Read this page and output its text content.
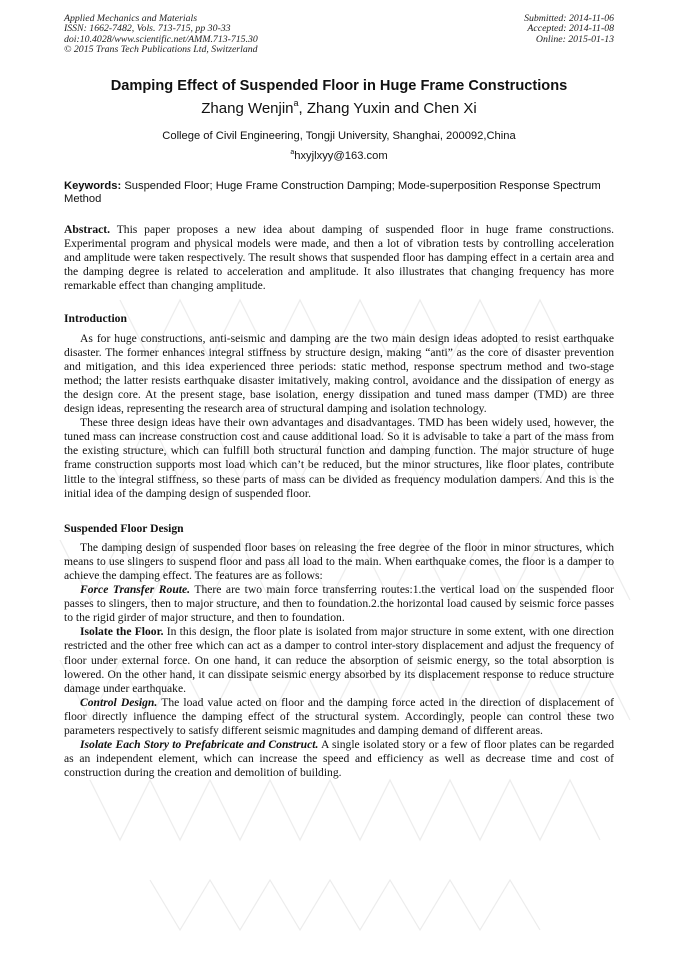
Applied Mechanics and Materials
ISSN: 1662-7482, Vols. 713-715, pp 30-33
doi:10.4028/www.scientific.net/AMM.713-715.30
© 2015 Trans Tech Publications Ltd, Switzerland
Submitted: 2014-11-06
Accepted: 2014-11-08
Online: 2015-01-13
Damping Effect of Suspended Floor in Huge Frame Constructions
Zhang Wenjin$^a$, Zhang Yuxin and Chen Xi
College of Civil Engineering, Tongji University, Shanghai, 200092,China
$^a$hxyjlxyy@163.com
Keywords: Suspended Floor; Huge Frame Construction Damping; Mode-superposition Response Spectrum Method

Abstract. This paper proposes a new idea about damping of suspended floor in huge frame constructions. Experimental program and physical models were made, and then a lot of vibration tests by controlling acceleration and amplitude were taken respectively. The result shows that suspended floor has damping effect in a certain area and the damping degree is related to acceleration and amplitude. It also illustrates that changing frequency has more remarkable effect than changing amplitude.

Introduction

As for huge constructions, anti-seismic and damping are the two main design ideas adopted to resist earthquake disaster. The former enhances integral stiffness by structure design, making “anti” as the core of disaster prevention and mitigation, and this idea experienced three periods: static method, response spectrum method and two-stage method; the latter resists earthquake disaster imitatively, making control, avoidance and the dissipation of energy as the design core. At the present stage, base isolation, energy dissipation and tuned mass damper (TMD) are three design ideas, representing the research area of structural damping and isolation technology.

These three design ideas have their own advantages and disadvantages. TMD has been widely used, however, the tuned mass can increase construction cost and cause additional load. So it is advisable to take a part of the mass from the existing structure, which can fulfill both structural function and damping function. The major structure of huge frame construction supports most load which can’t be reduced, but the minor structures, like floor plates, contribute little to the integral stiffness, so these parts of mass can be divided as frequency modulation dampers. And this is the initial idea of the damping design of suspended floor.

Suspended Floor Design

The damping design of suspended floor bases on releasing the free degree of the floor in minor structures, which means to use slingers to suspend floor and pass all load to the main. When earthquake comes, the floor is a damper to achieve the damping effect. The features are as follows:

Force Transfer Route. There are two main force transferring routes:1.the vertical load on the suspended floor passes to slingers, then to major structure, and then to foundation.2.the horizontal load caused by seismic force passes to the rigid girder of major structure, and then to foundation.

Isolate the Floor. In this design, the floor plate is isolated from major structure in some extent, with one direction restricted and the other free which can act as a damper to control inter-story displacement and adjust the frequency of floor under external force. On one hand, it can reduce the absorption of seismic energy, so the total absorption is lowered. On the other hand, it can dissipate seismic energy absorbed by its displacement response to reduce structure damage under earthquake.

Control Design. The load value acted on floor and the damping force acted in the direction of displacement of floor directly influence the damping effect of the structural system. Accordingly, people can control these two parameters respectively to satisfy different seismic magnitudes and damping demand of different areas.

Isolate Each Story to Prefabricate and Construct. A single isolated story or a few of floor plates can be regarded as an independent element, which can increase the speed and efficiency as well as decrease time and cost of construction during the creation and demolition of building.
